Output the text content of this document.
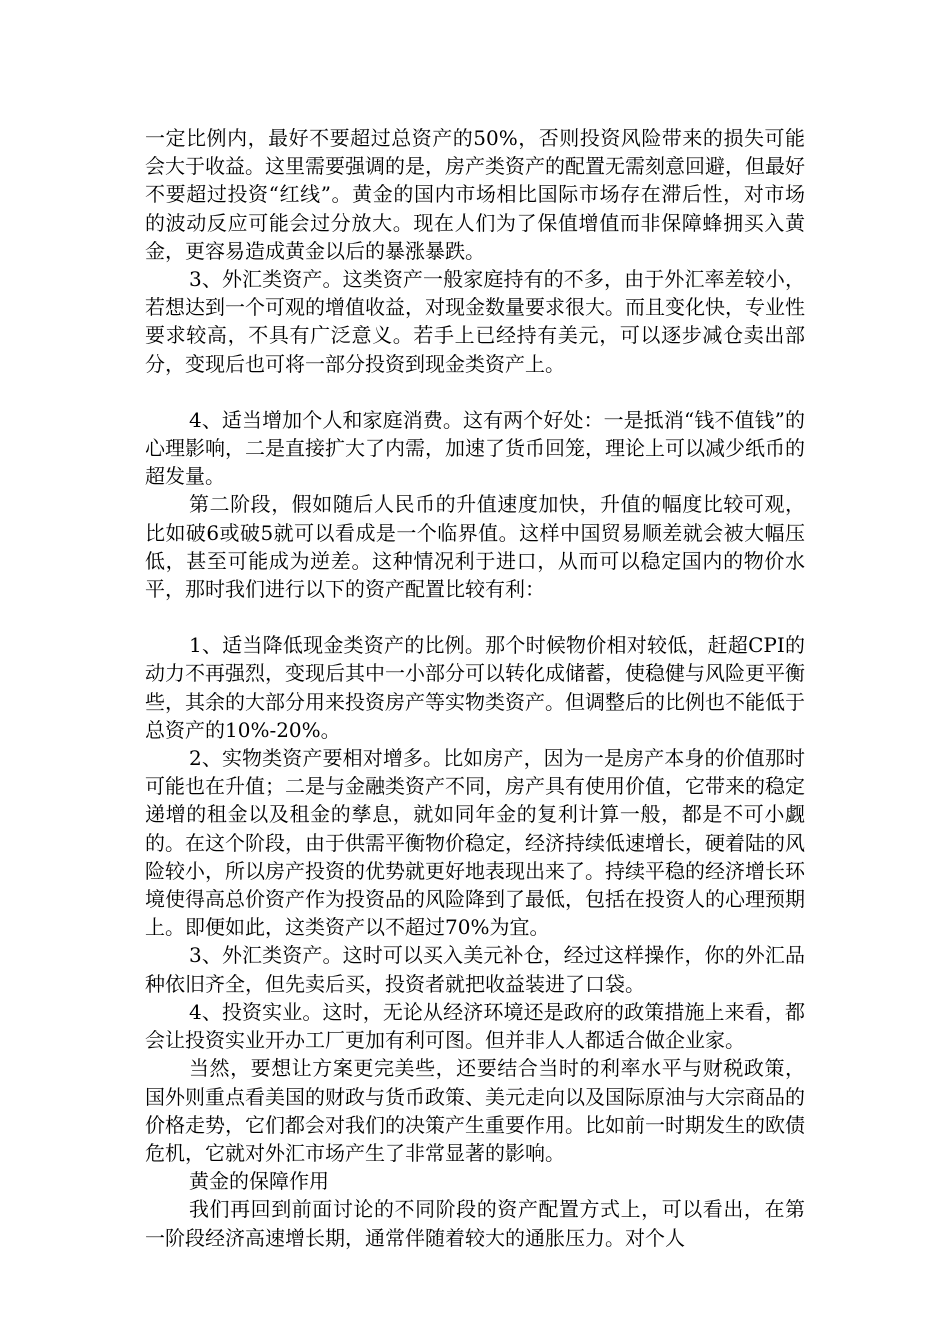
一定比例内，最好不要超过总资产的50%，否则投资风险带来的损失可能会大于收益。这里需要强调的是，房产类资产的配置无需刻意回避，但最好不要超过投资“红线”。黄金的国内市场相比国际市场存在滞后性，对市场的波动反应可能会过分放大。现在人们为了保值增值而非保障蜂拥买入黄金，更容易造成黄金以后的暴涨暴跌。

3、外汇类资产。这类资产一般家庭持有的不多，由于外汇率差较小，若想达到一个可观的增值收益，对现金数量要求很大。而且变化快，专业性要求较高，不具有广泛意义。若手上已经持有美元，可以逐步减仓卖出部分，变现后也可将一部分投资到现金类资产上。

4、适当增加个人和家庭消费。这有两个好处：一是抵消“钱不值钱”的心理影响，二是直接扩大了内需，加速了货币回笼，理论上可以减少纸币的超发量。

第二阶段，假如随后人民币的升值速度加快，升值的幅度比较可观，比如破6或破5就可以看成是一个临界值。这样中国贸易顺差就会被大幅压低，甚至可能成为逆差。这种情况利于进口，从而可以稳定国内的物价水平，那时我们进行以下的资产配置比较有利：

1、适当降低现金类资产的比例。那个时候物价相对较低，赶超CPI的动力不再强烈，变现后其中一小部分可以转化成储蓄，使稳健与风险更平衡些，其余的大部分用来投资房产等实物类资产。但调整后的比例也不能低于总资产的10%-20%。

2、实物类资产要相对增多。比如房产，因为一是房产本身的价值那时可能也在升值；二是与金融类资产不同，房产具有使用价值，它带来的稳定递增的租金以及租金的孳息，就如同年金的复利计算一般，都是不可小觑的。在这个阶段，由于供需平衡物价稳定，经济持续低速增长，硬着陆的风险较小，所以房产投资的优势就更好地表现出来了。持续平稳的经济增长环境使得高总价资产作为投资品的风险降到了最低，包括在投资人的心理预期上。即便如此，这类资产以不超过70%为宜。

3、外汇类资产。这时可以买入美元补仓，经过这样操作，你的外汇品种依旧齐全，但先卖后买，投资者就把收益装进了口袋。

4、投资实业。这时，无论从经济环境还是政府的政策措施上来看，都会让投资实业开办工厂更加有利可图。但并非人人都适合做企业家。

当然，要想让方案更完美些，还要结合当时的利率水平与财税政策，国外则重点看美国的财政与货币政策、美元走向以及国际原油与大宗商品的价格走势，它们都会对我们的决策产生重要作用。比如前一时期发生的欧债危机，它就对外汇市场产生了非常显著的影响。

黄金的保障作用

我们再回到前面讨论的不同阶段的资产配置方式上，可以看出，在第一阶段经济高速增长期，通常伴随着较大的通胀压力。对个人
